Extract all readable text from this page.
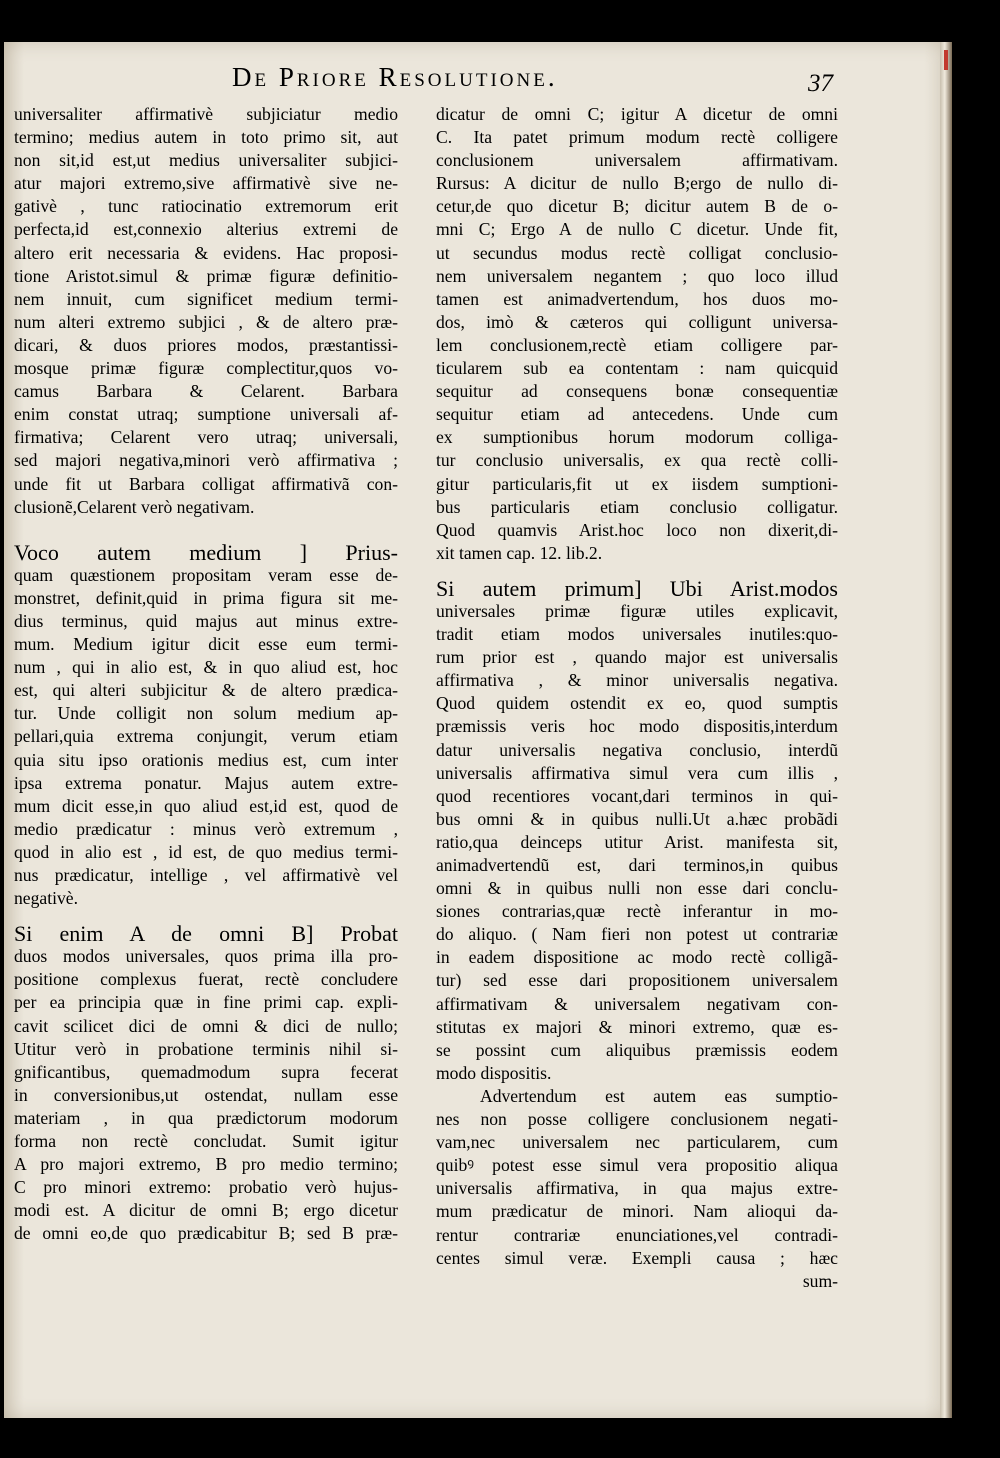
De Priore Resolutione.	37
universaliter affirmativè subjiciatur medio
termino; medius autem in toto primo sit, aut
non sit,id est,ut medius universaliter subjici-
atur majori extremo,sive affirmativè sive ne-
gativè , tunc ratiocinatio extremorum erit
perfecta,id est,connexio alterius extremi de
altero erit necessaria & evidens. Hac proposi-
tione Aristot.simul & primæ figuræ definitio-
nem innuit, cum significet medium termi-
num alteri extremo subjici , & de altero præ-
dicari, & duos priores modos, præstantissi-
mosque primæ figuræ complectitur,quos vo-
camus Barbara & Celarent. Barbara
enim constat utraq; sumptione universali af-
firmativa; Celarent vero utraq; universali,
sed majori negativa,minori verò affirmativa ;
unde fit ut Barbara colligat affirmativã con-
clusionẽ,Celarent verò negativam.
Voco autem medium ] Prius-
quam quæstionem propositam veram esse de-
monstret, definit,quid in prima figura sit me-
dius terminus, quid majus aut minus extre-
mum. Medium igitur dicit esse eum termi-
num , qui in alio est, & in quo aliud est, hoc
est, qui alteri subjicitur & de altero prædica-
tur. Unde colligit non solum medium ap-
pellari,quia extrema conjungit, verum etiam
quia situ ipso orationis medius est, cum inter
ipsa extrema ponatur. Majus autem extre-
mum dicit esse,in quo aliud est,id est, quod de
medio prædicatur : minus verò extremum ,
quod in alio est , id est, de quo medius termi-
nus prædicatur, intellige , vel affirmativè vel
negativè.
Si enim A de omni B] Probat
duos modos universales, quos prima illa pro-
positione complexus fuerat, rectè concludere
per ea principia quæ in fine primi cap. expli-
cavit scilicet dici de omni & dici de nullo;
Utitur verò in probatione terminis nihil si-
gnificantibus, quemadmodum supra fecerat
in conversionibus,ut ostendat, nullam esse
materiam , in qua prædictorum modorum
forma non rectè concludat. Sumit igitur
A pro majori extremo, B pro medio termino;
C pro minori extremo: probatio verò hujus-
modi est. A dicitur de omni B; ergo dicetur
de omni eo,de quo prædicabitur B; sed B præ-
dicatur de omni C; igitur A dicetur de omni
C. Ita patet primum modum rectè colligere
conclusionem universalem affirmativam.
Rursus: A dicitur de nullo B;ergo de nullo di-
cetur,de quo dicetur B; dicitur autem B de o-
mni C; Ergo A de nullo C dicetur. Unde fit,
ut secundus modus rectè colligat conclusio-
nem universalem negantem ; quo loco illud
tamen est animadvertendum, hos duos mo-
dos, imò & cæteros qui colligunt universa-
lem conclusionem,rectè etiam colligere par-
ticularem sub ea contentam : nam quicquid
sequitur ad consequens bonæ consequentiæ
sequitur etiam ad antecedens. Unde cum
ex sumptionibus horum modorum colliga-
tur conclusio universalis, ex qua rectè colli-
gitur particularis,fit ut ex iisdem sumptioni-
bus particularis etiam conclusio colligatur.
Quod quamvis Arist.hoc loco non dixerit,di-
xit tamen cap. 12. lib.2.
Si autem primum] Ubi Arist.modos
universales primæ figuræ utiles explicavit,
tradit etiam modos universales inutiles:quo-
rum prior est , quando major est universalis
affirmativa , & minor universalis negativa.
Quod quidem ostendit ex eo, quod sumptis
præmissis veris hoc modo dispositis,interdum
datur universalis negativa conclusio, interdũ
universalis affirmativa simul vera cum illis ,
quod recentiores vocant,dari terminos in qui-
bus omni & in quibus nulli.Ut a.hæc probãdi
ratio,qua deinceps utitur Arist. manifesta sit,
animadvertendũ est, dari terminos,in quibus
omni & in quibus nulli non esse dari conclu-
siones contrarias,quæ rectè inferantur in mo-
do aliquo. ( Nam fieri non potest ut contrariæ
in eadem dispositione ac modo rectè colligã-
tur) sed esse dari propositionem universalem
affirmativam & universalem negativam con-
stitutas ex majori & minori extremo, quæ es-
se possint cum aliquibus præmissis eodem
modo dispositis.
Advertendum est autem eas sumptio-
nes non posse colligere conclusionem negati-
vam,nec universalem nec particularem, cum
quibꝰ potest esse simul vera propositio aliqua
universalis affirmativa, in qua majus extre-
mum prædicatur de minori. Nam alioqui da-
rentur contrariæ enunciationes,vel contradi-
centes simul veræ. Exempli causa ; hæc
sum-
